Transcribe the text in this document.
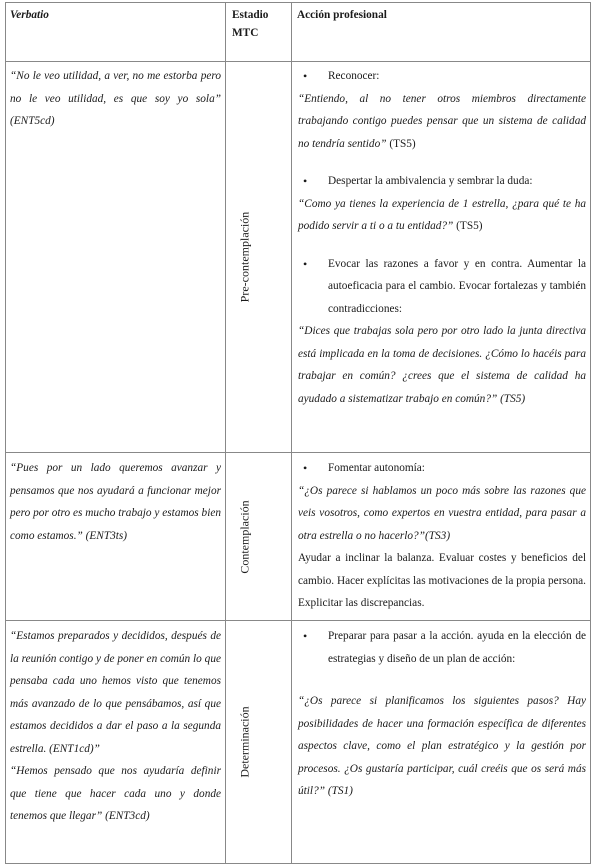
Verbatio	Estadio
MTC
Acción profesional

“No le veo utilidad, a ver, no me estorba pero no le veo utilidad, es que soy yo sola” (ENT5cd)

Pre-contemplación

• Reconocer:

“Entiendo, al no tener otros miembros directamente trabajando contigo puedes pensar que un sistema de calidad no tendría sentido” (TS5)

• Despertar la ambivalencia y sembrar la duda:

“Como ya tienes la experiencia de 1 estrella, ¿para qué te ha podido servir a ti o a tu entidad?” (TS5)

• Evocar las razones a favor y en contra. Aumentar la autoeficacia para el cambio. Evocar fortalezas y también contradicciones:

“Dices que trabajas sola pero por otro lado la junta directiva está implicada en la toma de decisiones. ¿Cómo lo hacéis para trabajar en común? ¿crees que el sistema de calidad ha ayudado a sistematizar trabajo en común?” (TS5)

“Pues por un lado queremos avanzar y pensamos que nos ayudará a funcionar mejor pero por otro es mucho trabajo y estamos bien como estamos.” (ENT3ts)	Contemplación

• Fomentar autonomía:

“¿Os parece si hablamos un poco más sobre las razones que veis vosotros, como expertos en vuestra entidad, para pasar a otra estrella o no hacerlo?”(TS3)

Ayudar a inclinar la balanza. Evaluar costes y beneficios del cambio. Hacer explícitas las motivaciones de la propia persona. Explicitar las discrepancias.

“Estamos preparados y decididos, después de la reunión contigo y de poner en común lo que pensaba cada uno hemos visto que tenemos más avanzado de lo que pensábamos, así que estamos decididos a dar el paso a la segunda estrella. (ENT1cd)”

“Hemos pensado que nos ayudaría definir que tiene que hacer cada uno y donde tenemos que llegar” (ENT3cd)

Determinación

• Preparar para pasar a la acción. ayuda en la elección de estrategias y diseño de un plan de acción:

“¿Os parece si planificamos los siguientes pasos? Hay posibilidades de hacer una formación específica de diferentes aspectos clave, como el plan estratégico y la gestión por procesos. ¿Os gustaría participar, cuál creéis que os será más útil?” (TS1)
